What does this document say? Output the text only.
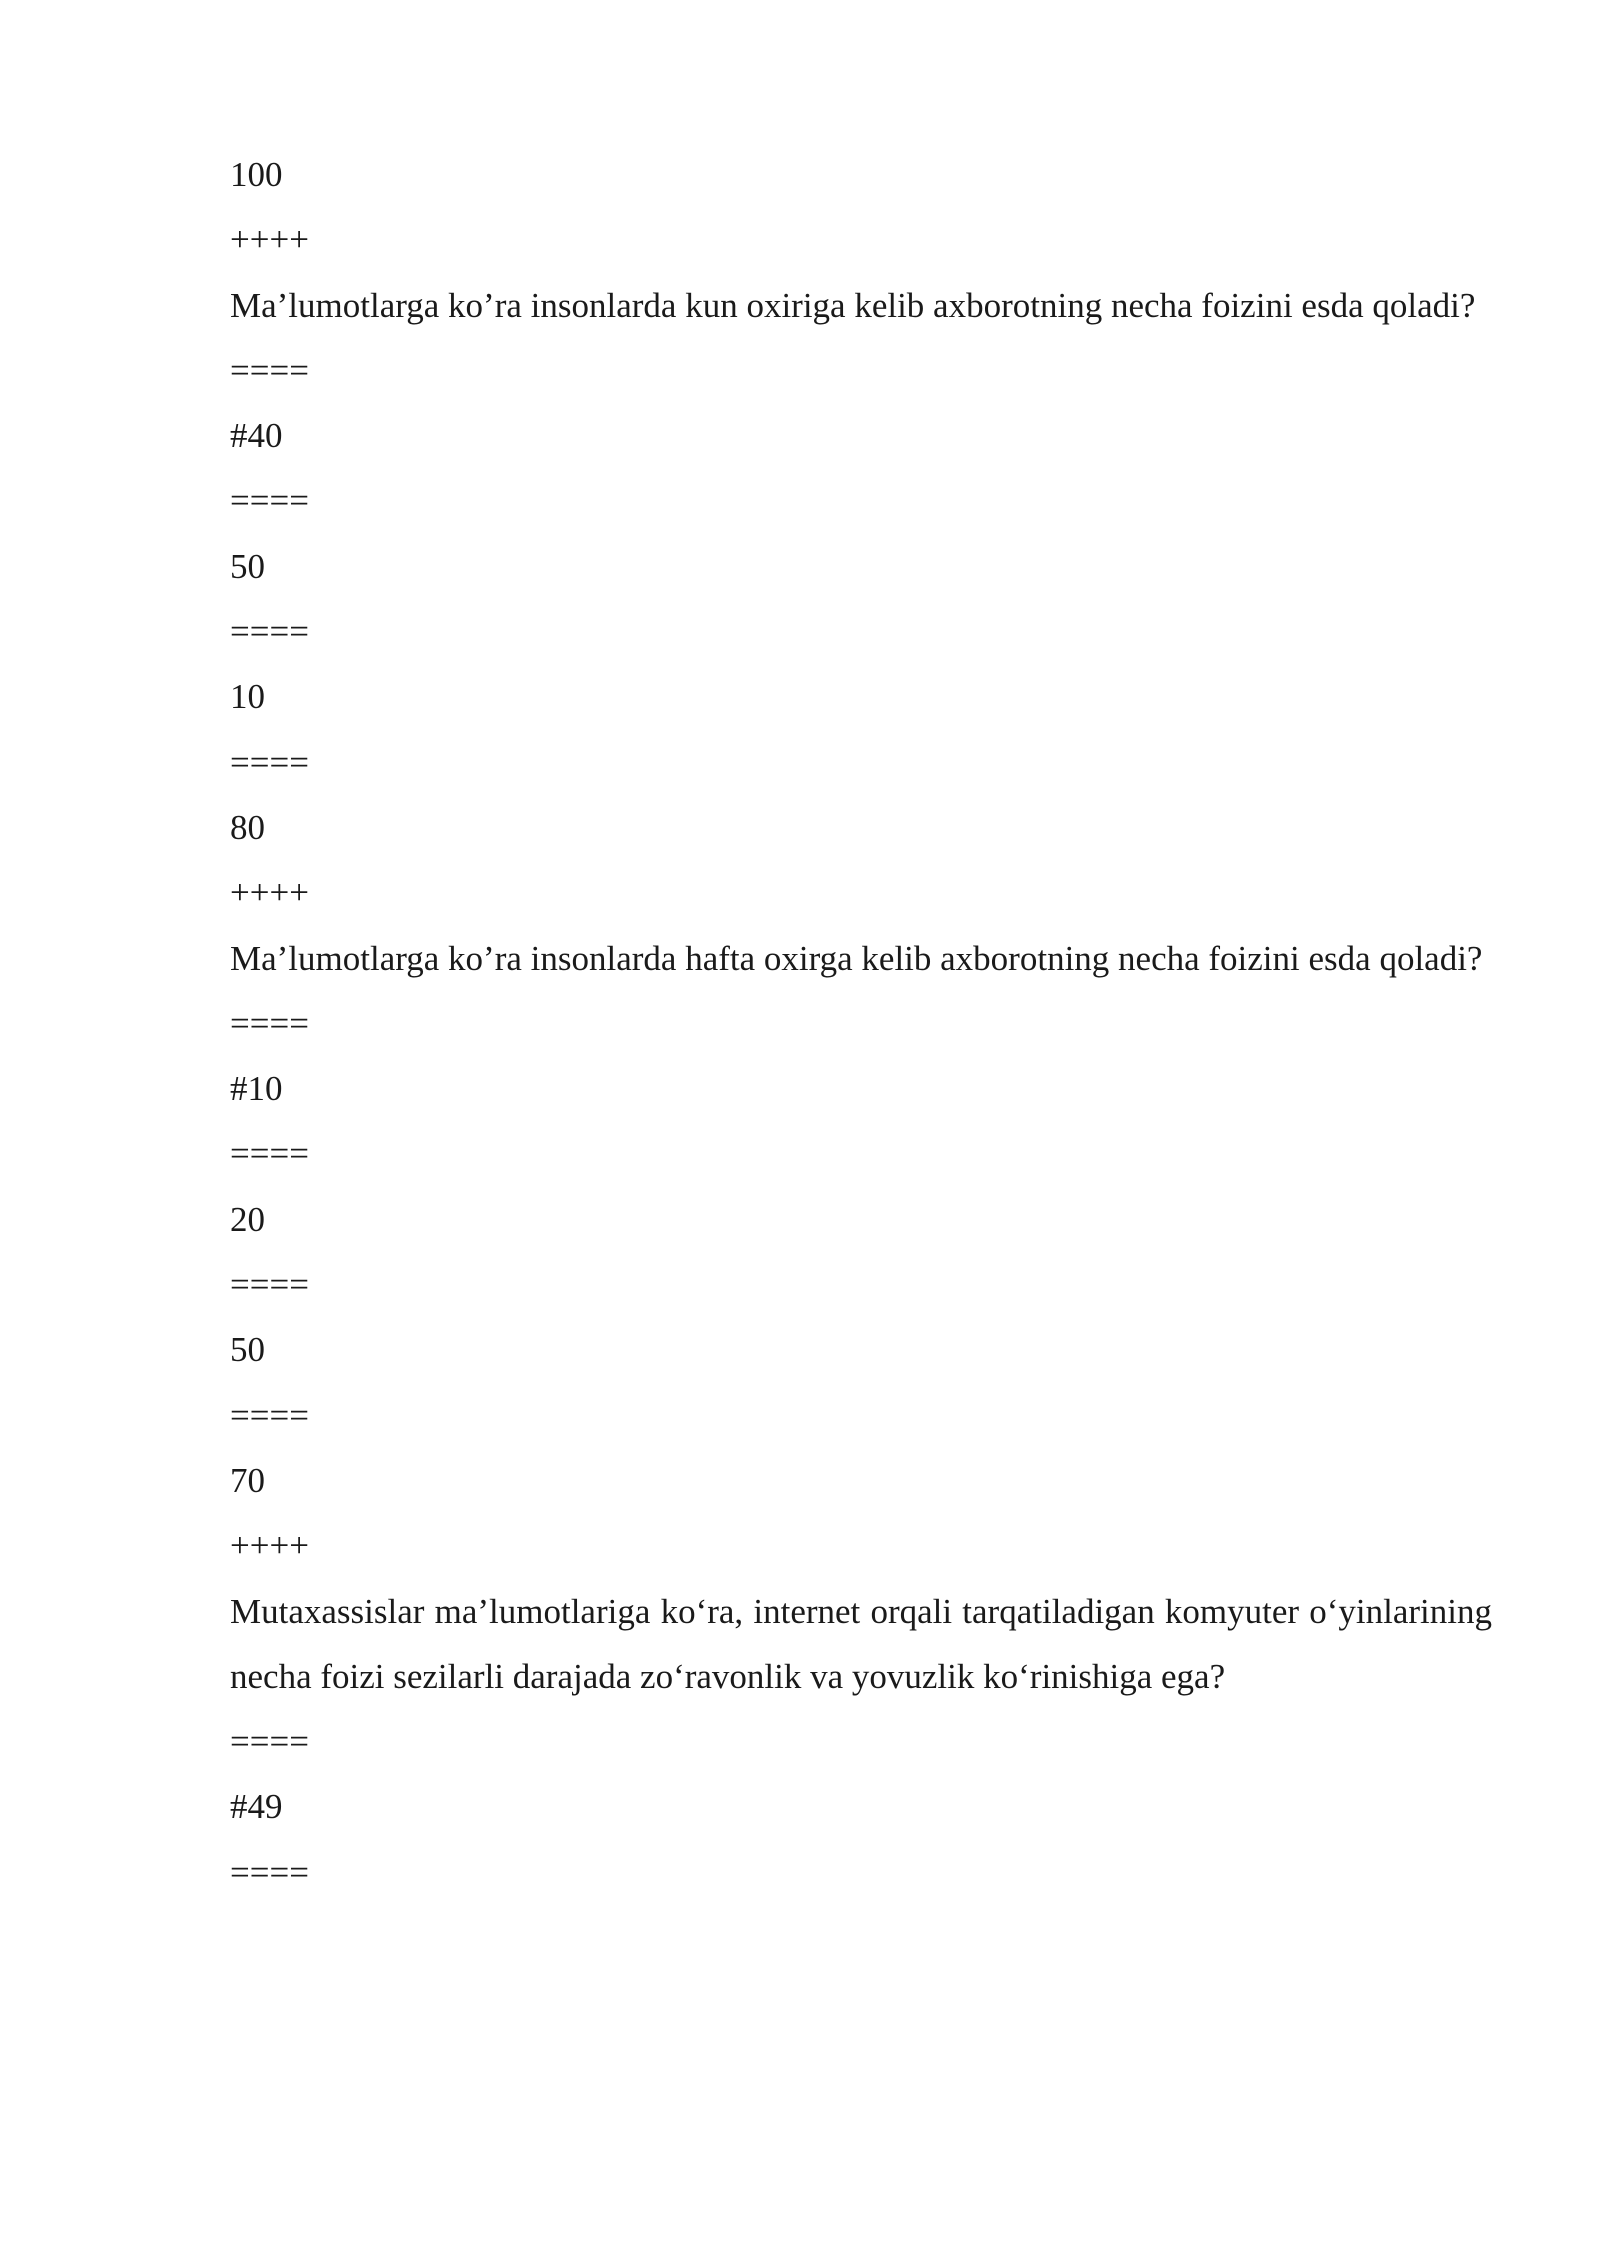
100
++++

Ma’lumotlarga ko’ra insonlarda kun oxiriga kelib axborotning necha foizini esda qoladi?

====
#40
====
50
====
10
====
80
++++

Ma’lumotlarga ko’ra insonlarda hafta oxirga kelib axborotning necha foizini esda qoladi?

====
#10
====
20
====
50
====
70
++++

Mutaxassislar ma’lumotlariga ko‘ra, internet orqali tarqatiladigan komyuter o‘yinlarining necha foizi sezilarli darajada zo‘ravonlik va yovuzlik ko‘rinishiga ega?

====
#49
====
